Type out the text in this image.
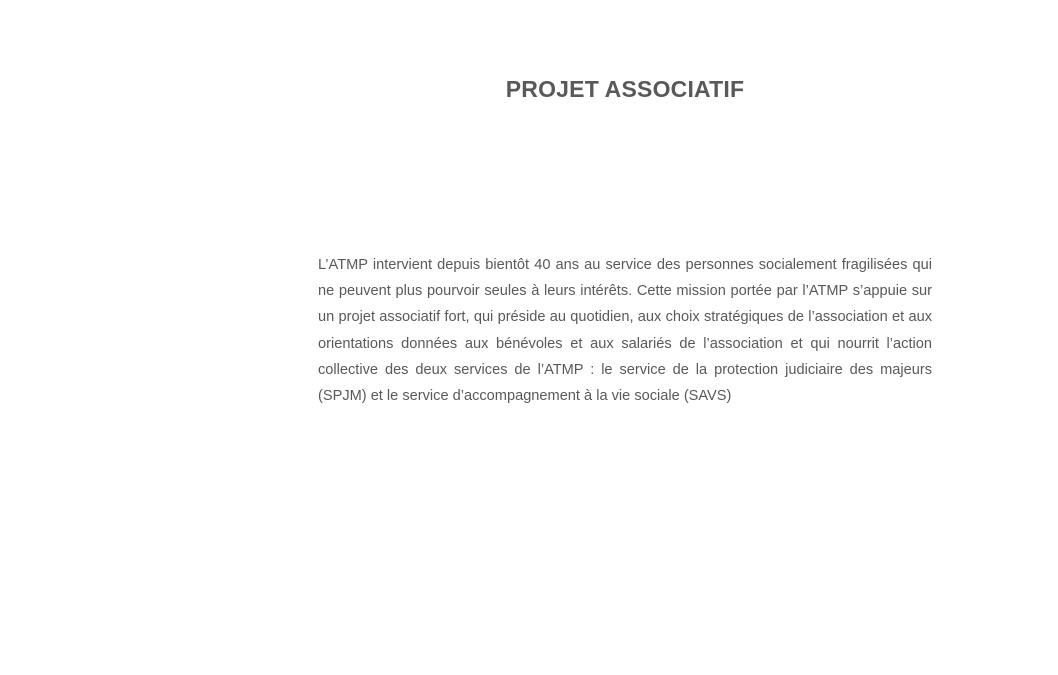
PROJET ASSOCIATIF

L’ATMP intervient depuis bientôt 40 ans au service des personnes socialement fragilisées qui ne peuvent plus pourvoir seules à leurs intérêts. Cette mission portée par l’ATMP s’appuie sur un projet associatif fort, qui préside au quotidien, aux choix stratégiques de l’association et aux orientations données aux bénévoles et aux salariés de l’association et qui nourrit l’action collective des deux services de l’ATMP : le service de la protection judiciaire des majeurs (SPJM) et le service d’accompagnement à la vie sociale (SAVS)
